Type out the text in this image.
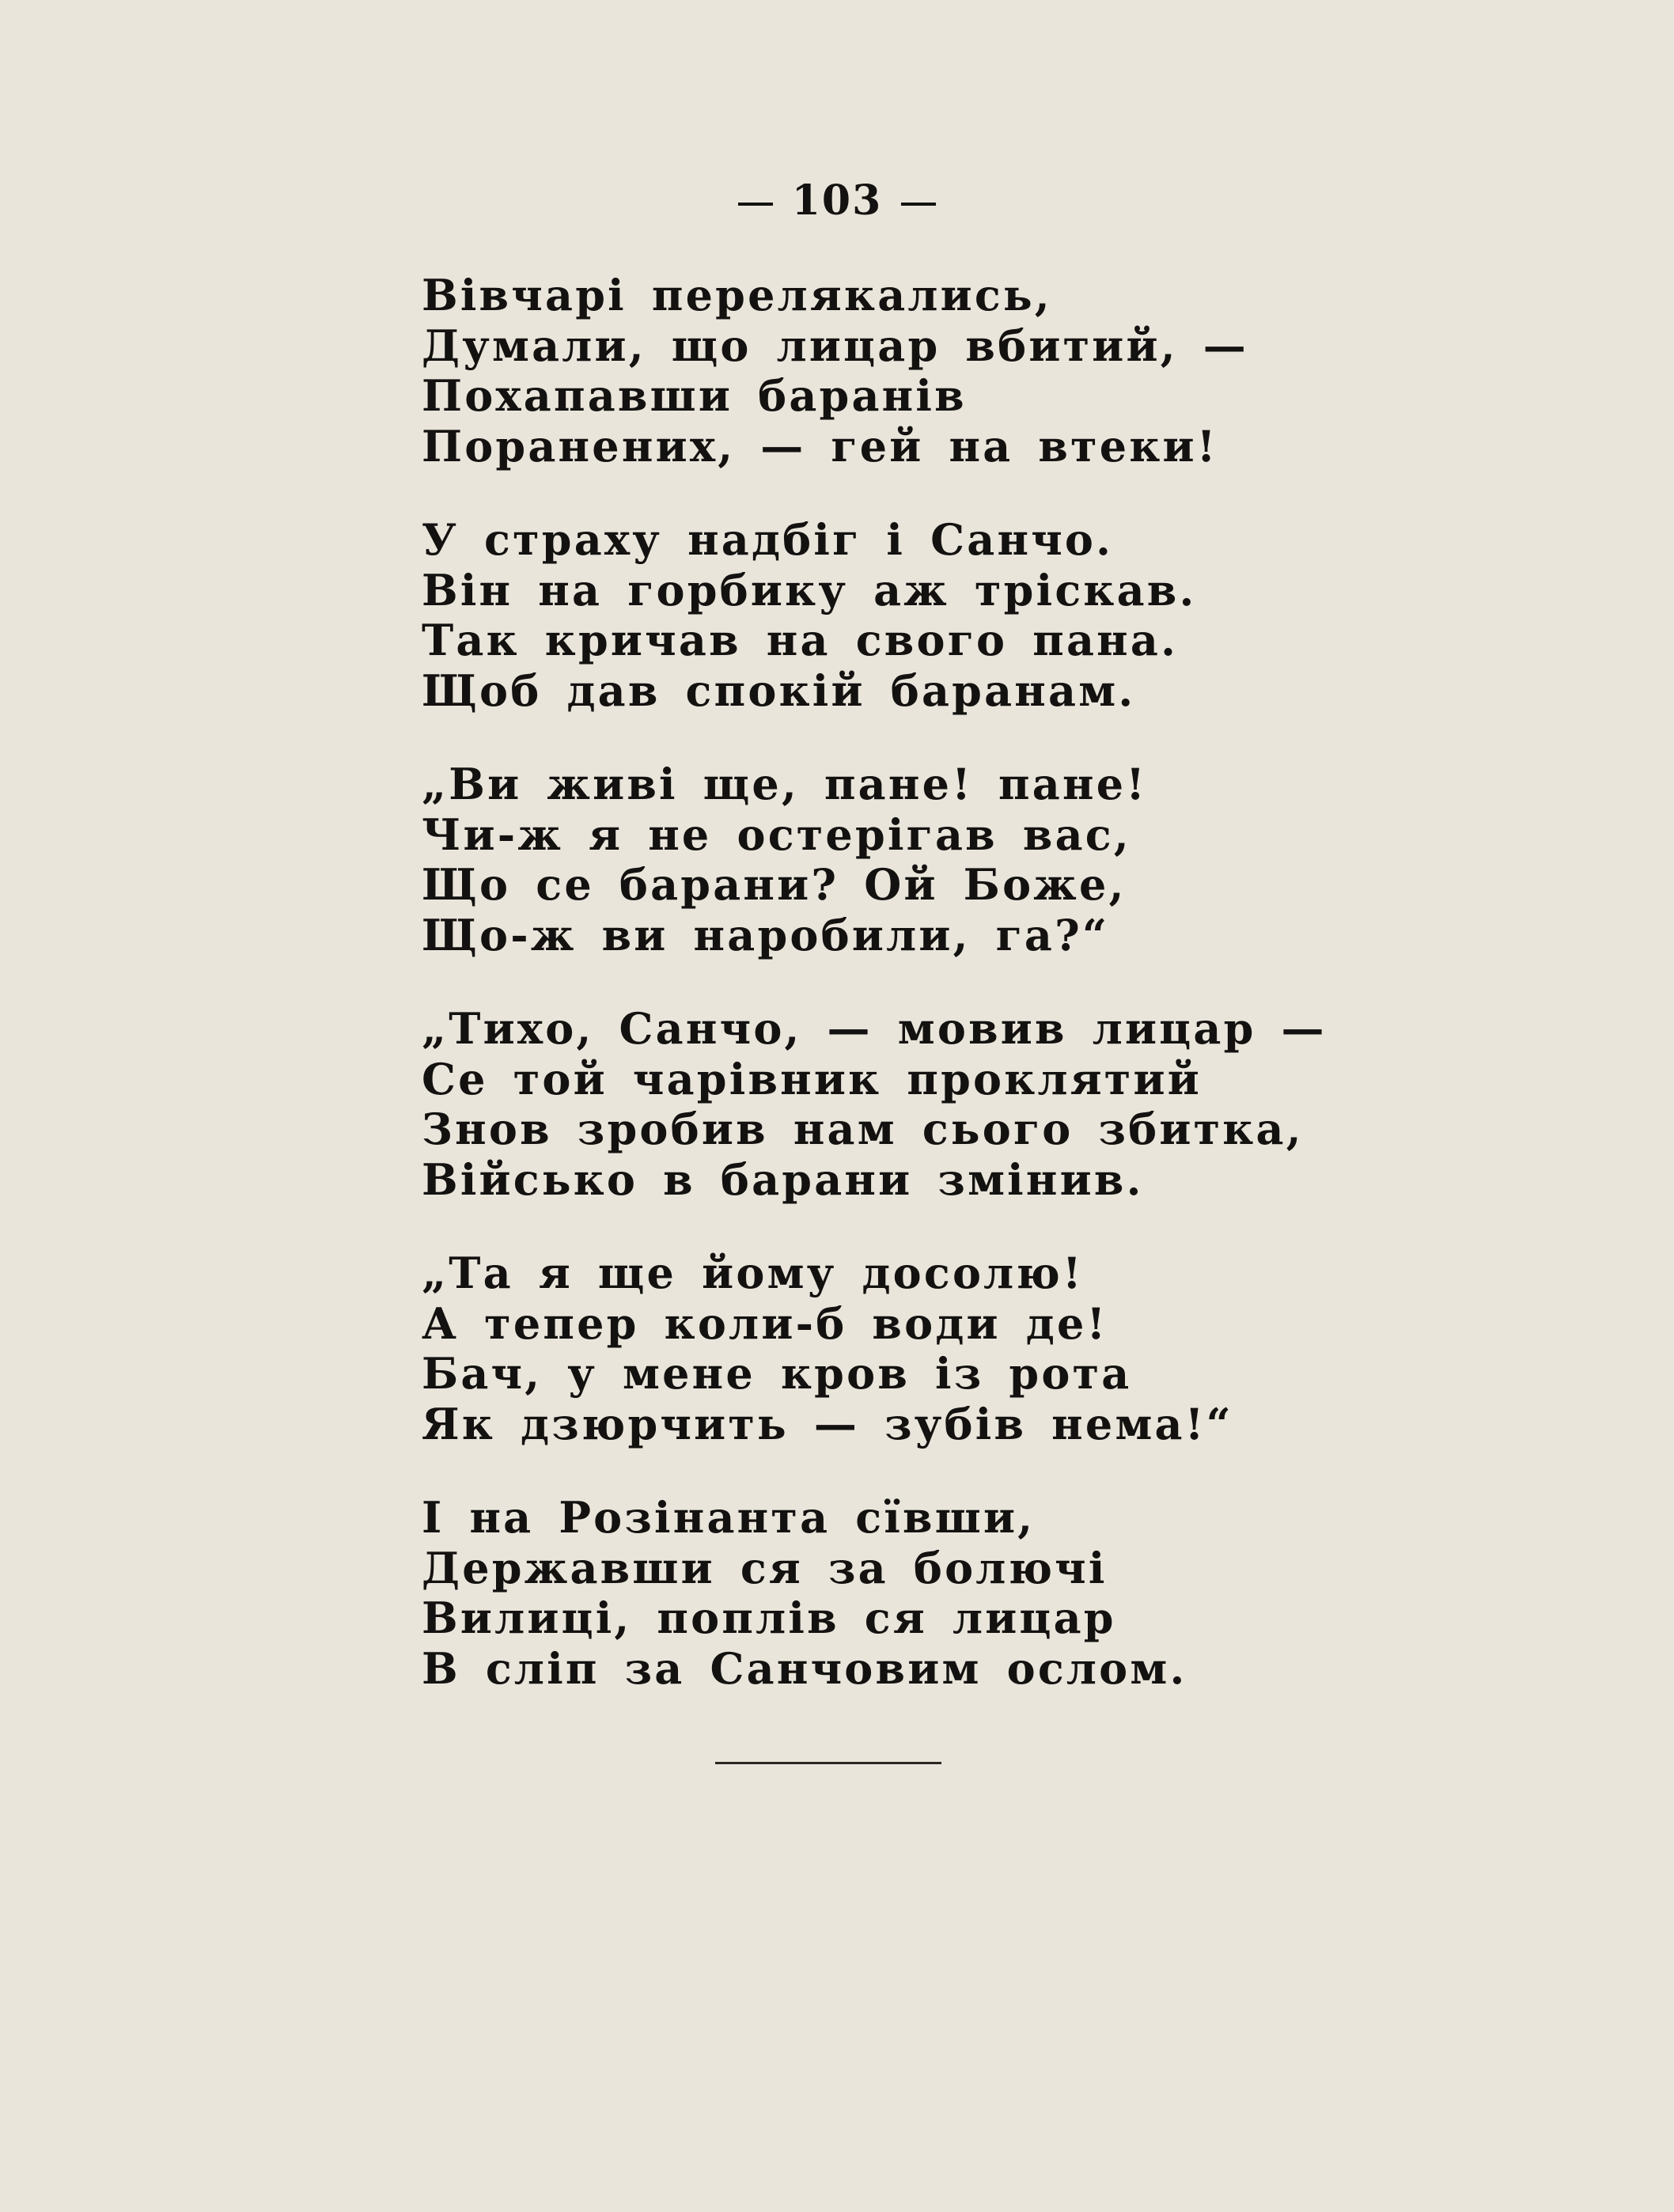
103
Вівчарі перелякались,
Думали, що лицар вбитий, —
Похапавши баранів
Поранених, — гей на втеки!
У страху надбіг і Санчо.
Він на горбику аж тріскав.
Так кричав на свого пана.
Щоб дав спокій баранам.
„Ви живі ще, пане! пане!
Чи-ж я не остерігав вас,
Що се барани? Ой Боже,
Що-ж ви наробили, га?“
„Тихо, Санчо, — мовив лицар —
Се той чарівник проклятий
Знов зробив нам сього збитка,
Військо в барани змінив.
„Та я ще йому досолю!
А тепер коли-б води де!
Бач, у мене кров із рота
Як дзюрчить — зубів нема!“
І на Розінанта сївши,
Державши ся за болючі
Вилиці, поплів ся лицар
В сліп за Санчовим ослом.
